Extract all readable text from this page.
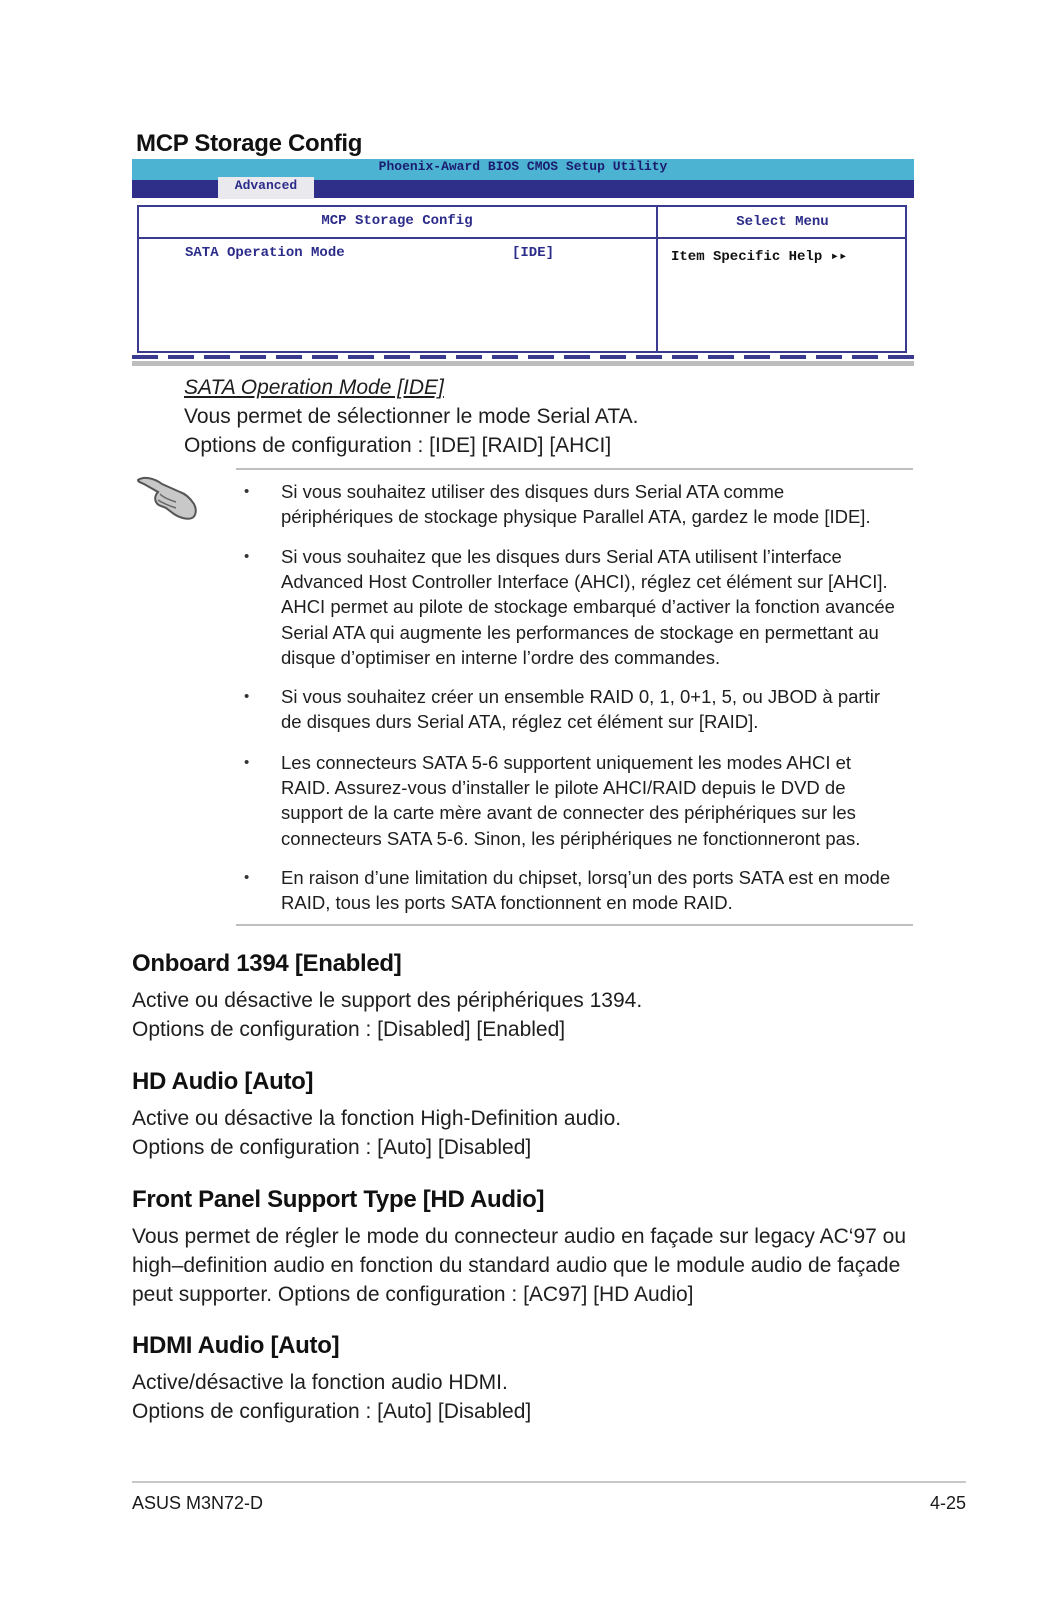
MCP Storage Config
Phoenix-Award BIOS CMOS Setup Utility
Advanced
MCP Storage Config	Select Menu
SATA Operation Mode	[IDE]	Item Specific Help ▸▸
SATA Operation Mode [IDE]
Vous permet de sélectionner le mode Serial ATA.
Options de configuration : [IDE] [RAID] [AHCI]
• Si vous souhaitez utiliser des disques durs Serial ATA comme
périphériques de stockage physique Parallel ATA, gardez le mode [IDE].
• Si vous souhaitez que les disques durs Serial ATA utilisent l’interface
Advanced Host Controller Interface (AHCI), réglez cet élément sur [AHCI].
AHCI permet au pilote de stockage embarqué d’activer la fonction avancée
Serial ATA qui augmente les performances de stockage en permettant au
disque d’optimiser en interne l’ordre des commandes.
• Si vous souhaitez créer un ensemble RAID 0, 1, 0+1, 5, ou JBOD à partir
de disques durs Serial ATA, réglez cet élément sur [RAID].
• Les connecteurs SATA 5-6 supportent uniquement les modes AHCI et
RAID. Assurez-vous d’installer le pilote AHCI/RAID depuis le DVD de
support de la carte mère avant de connecter des périphériques sur les
connecteurs SATA 5-6. Sinon, les périphériques ne fonctionneront pas.
• En raison d’une limitation du chipset, lorsq’un des ports SATA est en mode
RAID, tous les ports SATA fonctionnent en mode RAID.
Onboard 1394 [Enabled]
Active ou désactive le support des périphériques 1394.
Options de configuration : [Disabled] [Enabled]
HD Audio [Auto]
Active ou désactive la fonction High-Definition audio.
Options de configuration : [Auto] [Disabled]
Front Panel Support Type [HD Audio]
Vous permet de régler le mode du connecteur audio en façade sur legacy AC‘97 ou
high–definition audio en fonction du standard audio que le module audio de façade
peut supporter. Options de configuration : [AC97] [HD Audio]
HDMI Audio [Auto]
Active/désactive la fonction audio HDMI.
Options de configuration : [Auto] [Disabled]
ASUS M3N72-D	4-25
